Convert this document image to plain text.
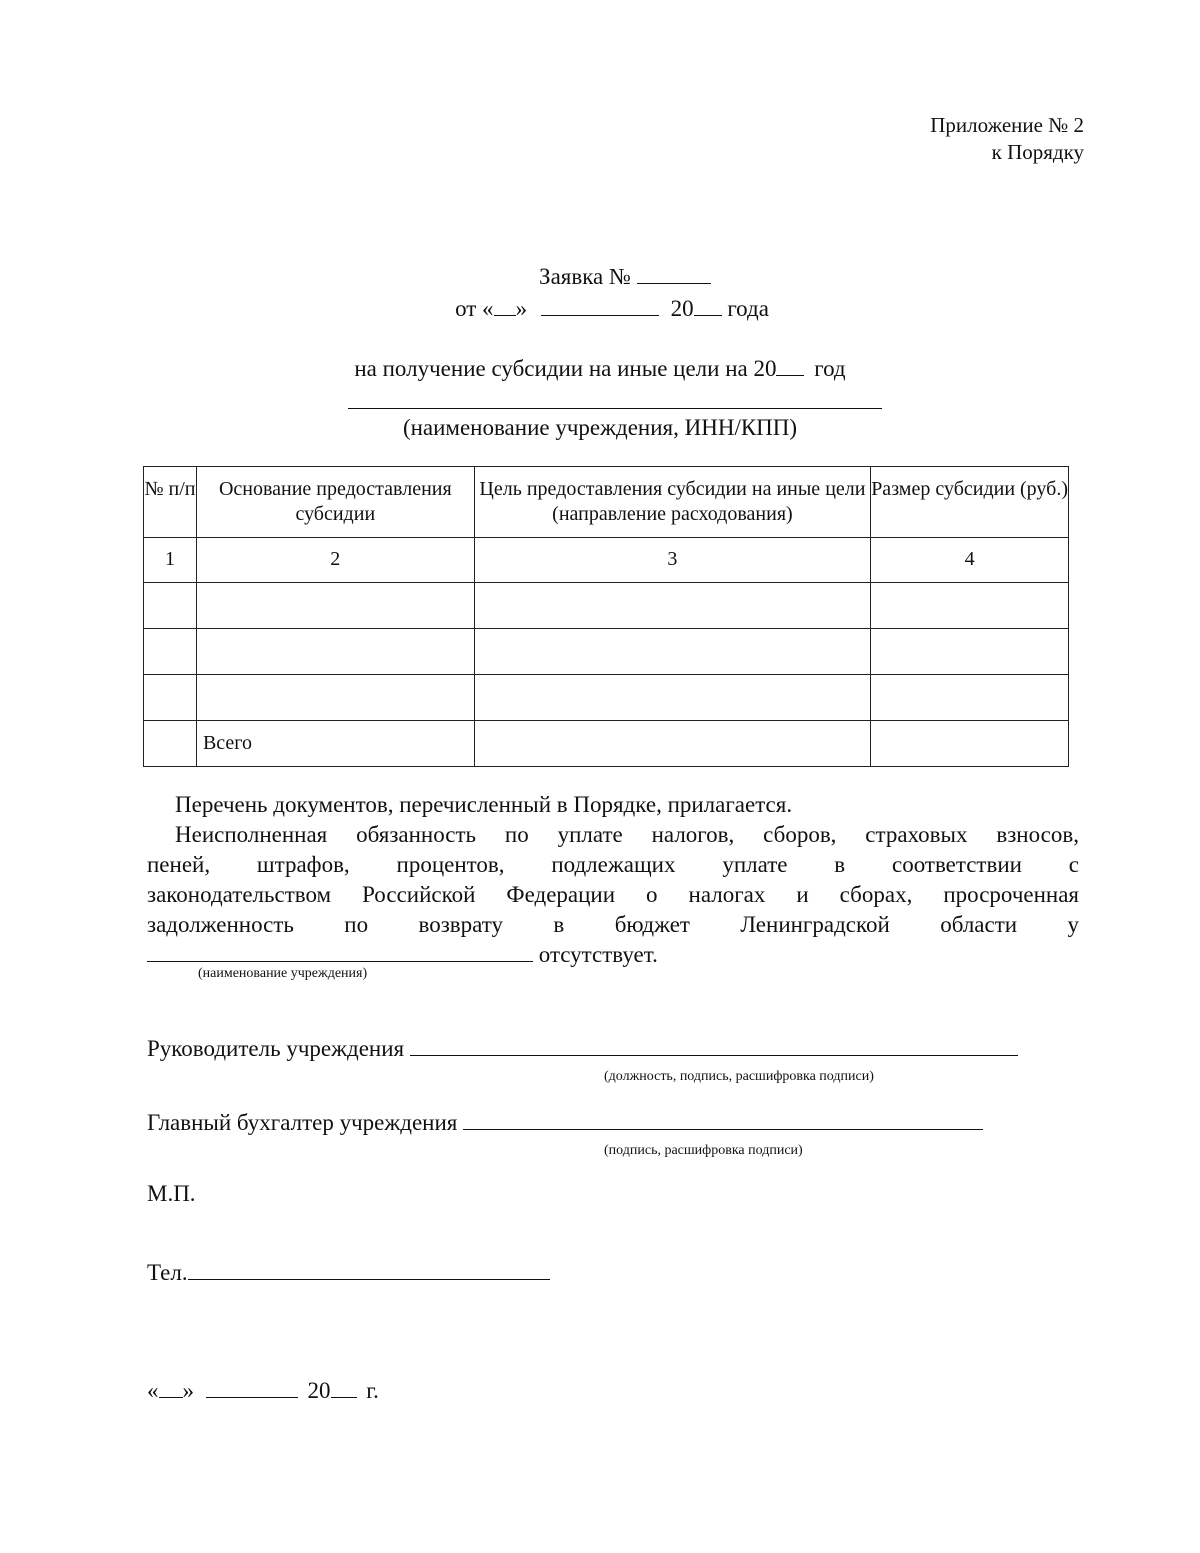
Приложение № 2
к Порядку
Заявка №
от « »	20 года
на получение субсидии на иные цели на 20 год
(наименование учреждения, ИНН/КПП)
№ п/п	Основание предоставления субсидии	Цель предоставления субсидии на иные цели (направление расходования)	Размер субсидии (руб.)
1	2	3	4

	Всего		
Перечень документов, перечисленный в Порядке, прилагается.
Неисполненная обязанность по уплате налогов, сборов, страховых взносов,
пеней, штрафов, процентов, подлежащих уплате в соответствии с
законодательством Российской Федерации о налогах и сборах, просроченная
задолженность по возврату в бюджет Ленинградской области у
отсутствует.
(наименование учреждения)
Руководитель учреждения
(должность, подпись, расшифровка подписи)
Главный бухгалтер учреждения
(подпись, расшифровка подписи)
М.П.
Тел.
« »	20 г.
